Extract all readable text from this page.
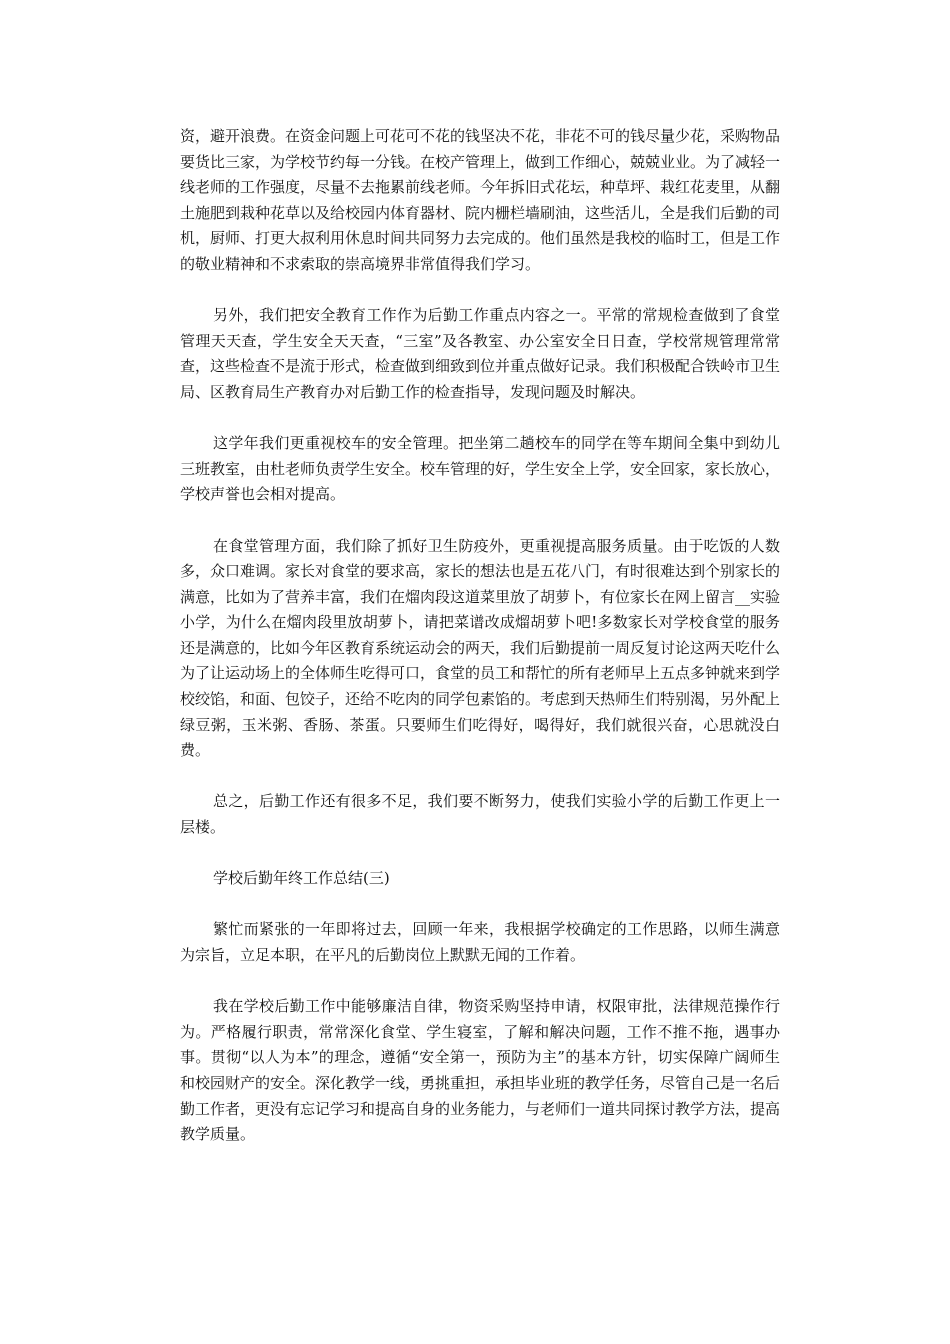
资，避开浪费。在资金问题上可花可不花的钱坚决不花，非花不可的钱尽量少花，采购物品要货比三家，为学校节约每一分钱。在校产管理上，做到工作细心，兢兢业业。为了减轻一线老师的工作强度，尽量不去拖累前线老师。今年拆旧式花坛，种草坪、栽红花麦里，从翻土施肥到栽种花草以及给校园内体育器材、院内栅栏墙刷油，这些活儿，全是我们后勤的司机，厨师、打更大叔利用休息时间共同努力去完成的。他们虽然是我校的临时工，但是工作的敬业精神和不求索取的崇高境界非常值得我们学习。

另外，我们把安全教育工作作为后勤工作重点内容之一。平常的常规检查做到了食堂管理天天查，学生安全天天查，“三室”及各教室、办公室安全日日查，学校常规管理常常查，这些检查不是流于形式，检查做到细致到位并重点做好记录。我们积极配合铁岭市卫生局、区教育局生产教育办对后勤工作的检查指导，发现问题及时解决。

这学年我们更重视校车的安全管理。把坐第二趟校车的同学在等车期间全集中到幼儿三班教室，由杜老师负责学生安全。校车管理的好，学生安全上学，安全回家，家长放心，学校声誉也会相对提高。

在食堂管理方面，我们除了抓好卫生防疫外，更重视提高服务质量。由于吃饭的人数多，众口难调。家长对食堂的要求高，家长的想法也是五花八门，有时很难达到个别家长的满意，比如为了营养丰富，我们在熘肉段这道菜里放了胡萝卜，有位家长在网上留言__实验小学，为什么在熘肉段里放胡萝卜，请把菜谱改成熘胡萝卜吧!多数家长对学校食堂的服务还是满意的，比如今年区教育系统运动会的两天，我们后勤提前一周反复讨论这两天吃什么为了让运动场上的全体师生吃得可口，食堂的员工和帮忙的所有老师早上五点多钟就来到学校绞馅，和面、包饺子，还给不吃肉的同学包素馅的。考虑到天热师生们特别渴，另外配上绿豆粥，玉米粥、香肠、茶蛋。只要师生们吃得好，喝得好，我们就很兴奋，心思就没白费。

总之，后勤工作还有很多不足，我们要不断努力，使我们实验小学的后勤工作更上一层楼。

学校后勤年终工作总结(三)

繁忙而紧张的一年即将过去，回顾一年来，我根据学校确定的工作思路，以师生满意为宗旨，立足本职，在平凡的后勤岗位上默默无闻的工作着。

我在学校后勤工作中能够廉洁自律，物资采购坚持申请，权限审批，法律规范操作行为。严格履行职责，常常深化食堂、学生寝室，了解和解决问题，工作不推不拖，遇事办事。贯彻“以人为本”的理念，遵循“安全第一，预防为主”的基本方针，切实保障广阔师生和校园财产的安全。深化教学一线，勇挑重担，承担毕业班的教学任务，尽管自己是一名后勤工作者，更没有忘记学习和提高自身的业务能力，与老师们一道共同探讨教学方法，提高教学质量。
